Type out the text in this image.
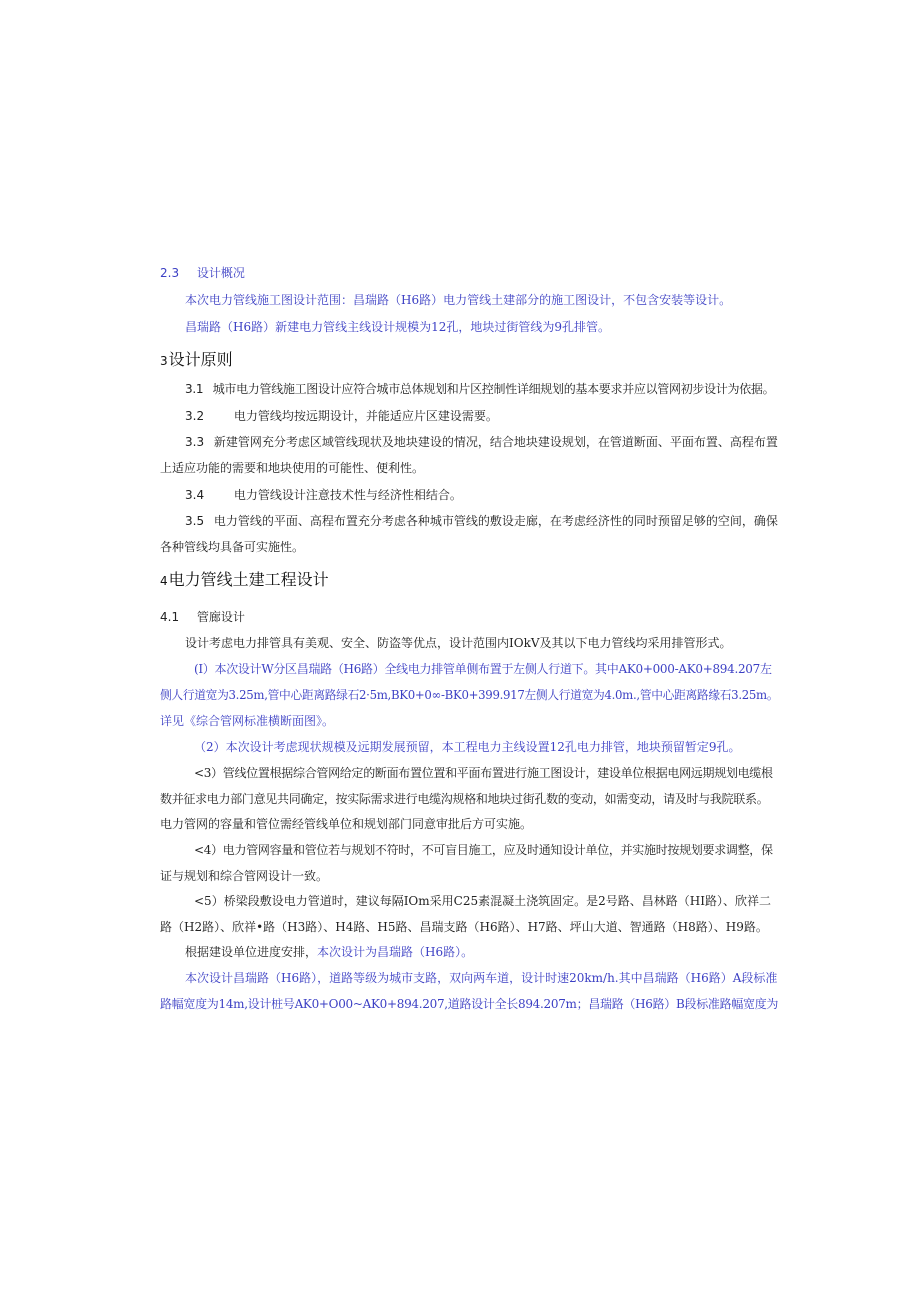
2.3 设计概况
本次电力管线施工图设计范围：昌瑞路（H6路）电力管线土建部分的施工图设计，不包含安装等设计。
昌瑞路（H6路）新建电力管线主线设计规模为12孔，地块过街管线为9孔排管。
3设计原则
3.1 城市电力管线施工图设计应符合城市总体规划和片区控制性详细规划的基本要求并应以管网初步设计为依据。
3.2 电力管线均按远期设计，并能适应片区建设需要。
3.3 新建管网充分考虑区域管线现状及地块建设的情况，结合地块建设规划，在管道断面、平面布置、高程布置
上适应功能的需要和地块使用的可能性、便利性。
3.4 电力管线设计注意技术性与经济性相结合。
3.5 电力管线的平面、高程布置充分考虑各种城市管线的敷设走廊，在考虑经济性的同时预留足够的空间，确保
各种管线均具备可实施性。
4电力管线土建工程设计
4.1 管廊设计
设计考虑电力排管具有美观、安全、防盗等优点，设计范围内IOkV及其以下电力管线均采用排管形式。
(I）本次设计W分区昌瑞路（H6路）全线电力排管单侧布置于左侧人行道下。其中AK0+000-AK0+894.207左
侧人行道宽为3.25m,管中心距离路绿石2·5m,BK0+0∞-BK0+399.917左侧人行道宽为4.0m.,管中心距离路缘石3.25m。
详见《综合管网标准横断面图》。
（2）本次设计考虑现状规模及远期发展预留，本工程电力主线设置12孔电力排管，地块预留暂定9孔。
<3）管线位置根据综合管网给定的断面布置位置和平面布置进行施工图设计，建设单位根据电网远期规划电缆根
数并征求电力部门意见共同确定，按实际需求进行电缆沟规格和地块过街孔数的变动，如需变动，请及时与我院联系。
电力管网的容量和管位需经管线单位和规划部门同意审批后方可实施。
<4）电力管网容量和管位若与规划不符时，不可盲目施工，应及时通知设计单位，并实施时按规划要求调整，保
证与规划和综合管网设计一致。
<5）桥梁段敷设电力管道时，建议每隔IOm采用C25素混凝土浇筑固定。是2号路、昌林路（HI路）、欣祥二
路（H2路）、欣祥•路（H3路）、H4路、H5路、昌瑞支路（H6路）、H7路、坪山大道、智通路（H8路）、H9路。
根据建设单位进度安排，本次设计为昌瑞路（H6路）。
本次设计昌瑞路（H6路），道路等级为城市支路，双向两车道，设计时速20km/h.其中昌瑞路（H6路）A段标准
路幅宽度为14m,设计桩号AK0+O00~AK0+894.207,道路设计全长894.207m；昌瑞路（H6路）B段标准路幅宽度为
